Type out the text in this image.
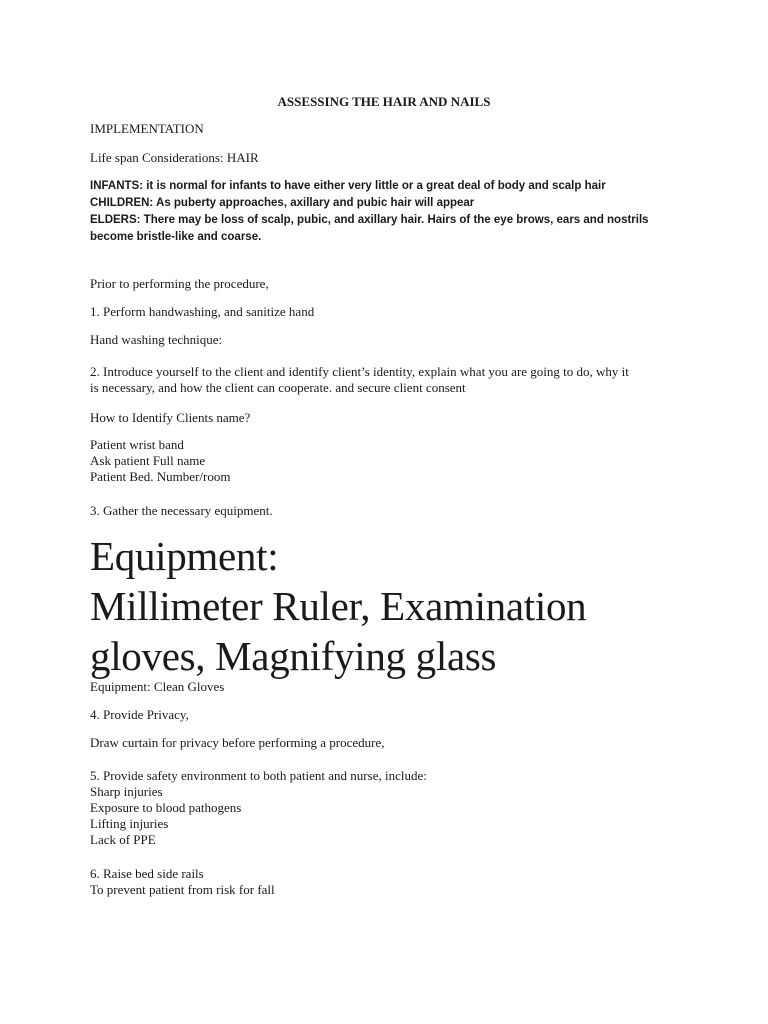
ASSESSING THE HAIR AND NAILS

IMPLEMENTATION

Life span Considerations: HAIR

INFANTS: it is normal for infants to have either very little or a great deal of body and scalp hair
CHILDREN: As puberty approaches, axillary and pubic hair will appear
ELDERS: There may be loss of scalp, pubic, and axillary hair. Hairs of the eye brows, ears and nostrils
become bristle-like and coarse.

Prior to performing the procedure,

1. Perform handwashing, and sanitize hand

Hand washing technique:

2. Introduce yourself to the client and identify client’s identity, explain what you are going to do, why it
is necessary, and how the client can cooperate. and secure client consent

How to Identify Clients name?

Patient wrist band
Ask patient Full name
Patient Bed. Number/room

3. Gather the necessary equipment.

Equipment:
Millimeter Ruler, Examination
gloves, Magnifying glass

Equipment: Clean Gloves

4. Provide Privacy,

Draw curtain for privacy before performing a procedure,

5. Provide safety environment to both patient and nurse, include:
Sharp injuries
Exposure to blood pathogens
Lifting injuries
Lack of PPE
6. Raise bed side rails
To prevent patient from risk for fall
